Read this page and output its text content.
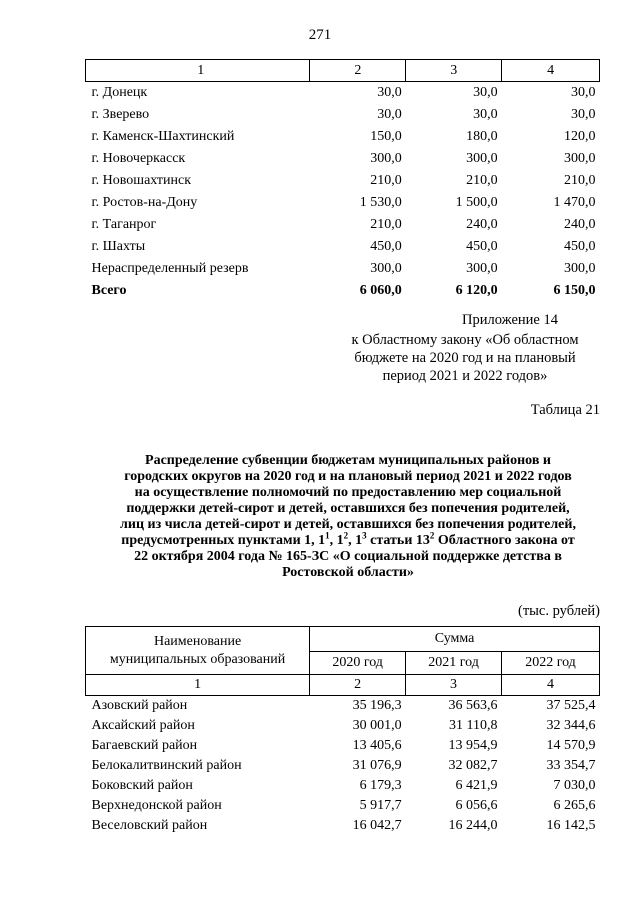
271
1	2	3	4
г. Донецк	30,0	30,0	30,0
г. Зверево	30,0	30,0	30,0
г. Каменск-Шахтинский	150,0	180,0	120,0
г. Новочеркасск	300,0	300,0	300,0
г. Новошахтинск	210,0	210,0	210,0
г. Ростов-на-Дону	1 530,0	1 500,0	1 470,0
г. Таганрог	210,0	240,0	240,0
г. Шахты	450,0	450,0	450,0
Нераспределенный резерв	300,0	300,0	300,0
Всего	6 060,0	6 120,0	6 150,0
Приложение 14
к Областному закону «Об областном
бюджете на 2020 год и на плановый
период 2021 и 2022 годов»
Таблица 21
Распределение субвенции бюджетам муниципальных районов и
городских округов на 2020 год и на плановый период 2021 и 2022 годов
на осуществление полномочий по предоставлению мер социальной
поддержки детей-сирот и детей, оставшихся без попечения родителей,
лиц из числа детей-сирот и детей, оставшихся без попечения родителей,
предусмотренных пунктами 1, $1^1$, $1^2$, $1^3$ статьи $13^2$ Областного закона от
22 октября 2004 года № 165-ЗС «О социальной поддержке детства в
Ростовской области»
(тыс. рублей)
Наименование
муниципальных образований	Сумма		
	2020 год	2021 год	2022 год
1	2	3	4
Азовский район	35 196,3	36 563,6	37 525,4
Аксайский район	30 001,0	31 110,8	32 344,6
Багаевский район	13 405,6	13 954,9	14 570,9
Белокалитвинский район	31 076,9	32 082,7	33 354,7
Боковский район	6 179,3	6 421,9	7 030,0
Верхнедонской район	5 917,7	6 056,6	6 265,6
Веселовский район	16 042,7	16 244,0	16 142,5
